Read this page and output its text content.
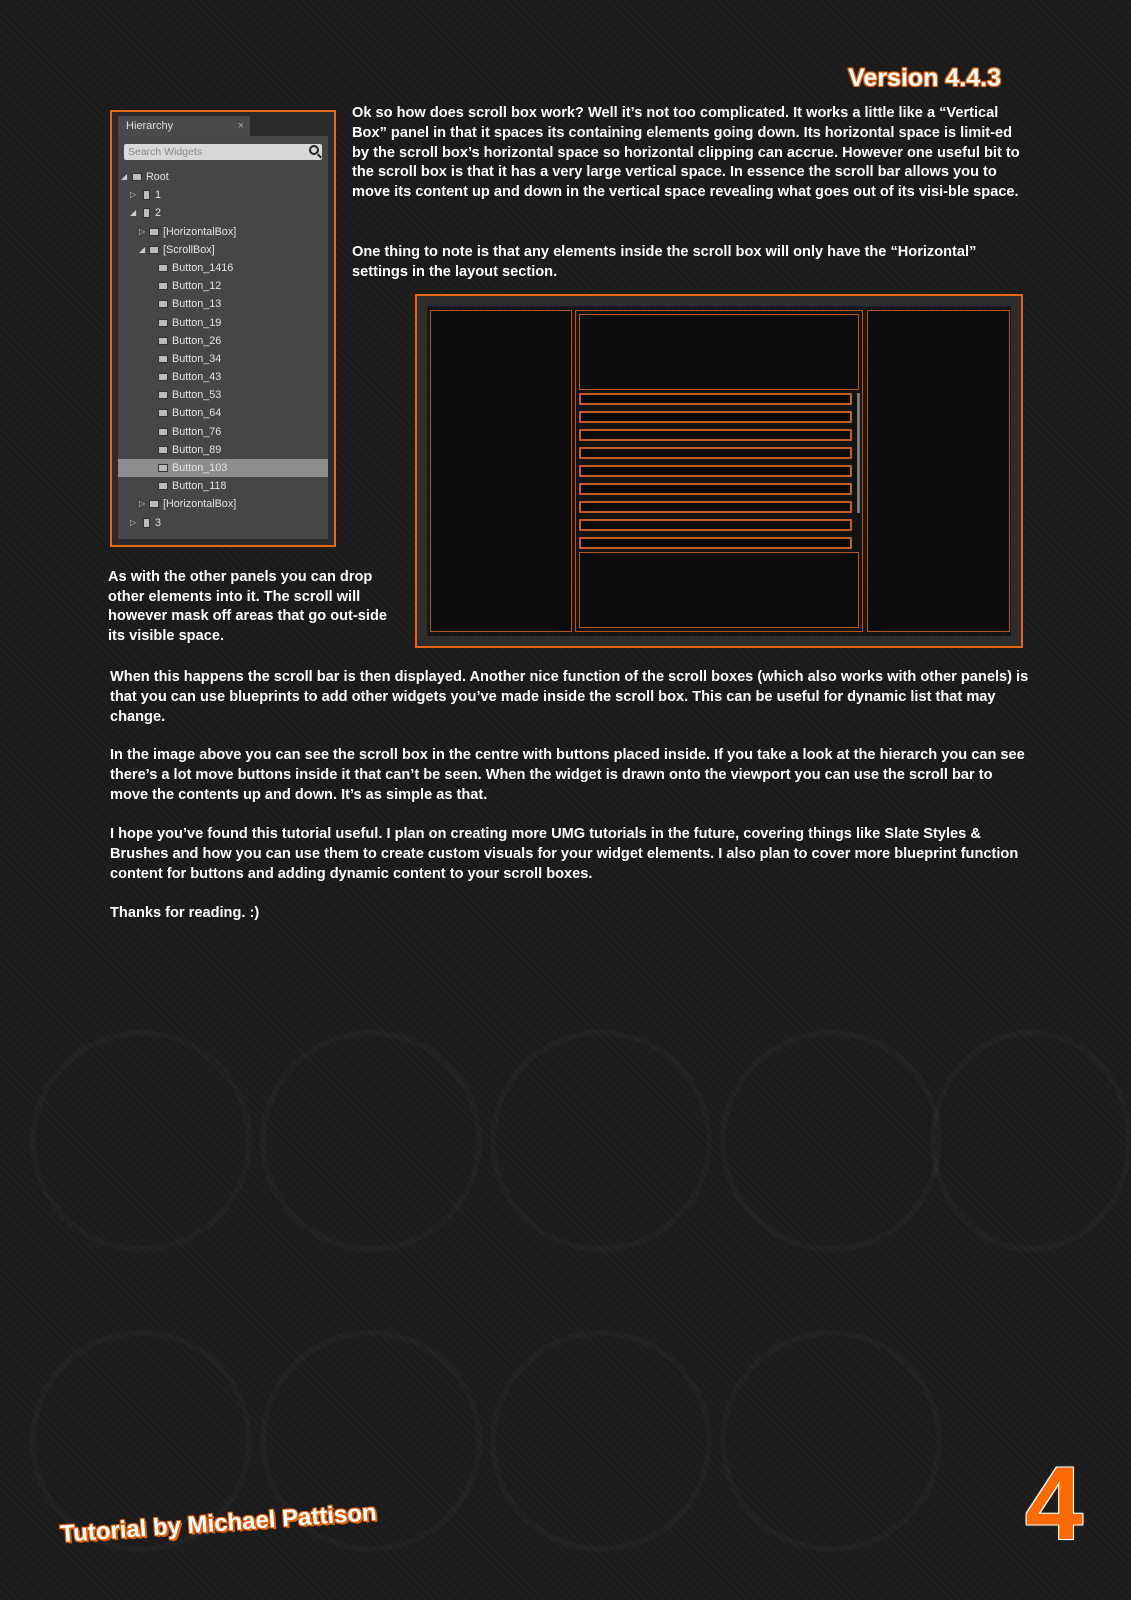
Version 4.4.3
Hierarchy	×
Search Widgets
◢ Root
▷ 1
◢ 2
▷ [HorizontalBox]
◢ [ScrollBox]
Button_1416
Button_12
Button_13
Button_19
Button_26
Button_34
Button_43
Button_53
Button_64
Button_76
Button_89
Button_103
Button_118
▷ [HorizontalBox]
▷ 3

Ok so how does scroll box work? Well it’s not too complicated. It works a little like a “Vertical Box” panel in that it spaces its containing elements going down. Its horizontal space is limit-ed by the scroll box’s horizontal space so horizontal clipping can accrue. However one useful bit to the scroll box is that it has a very large vertical space. In essence the scroll bar allows you to move its content up and down in the vertical space revealing what goes out of its visi-ble space.

One thing to note is that any elements inside the scroll box will only have the “Horizontal” settings in the layout section.

As with the other panels you can drop other elements into it. The scroll will however mask off areas that go out-side its visible space.

When this happens the scroll bar is then displayed. Another nice function of the scroll boxes (which also works with other panels) is that you can use blueprints to add other widgets you’ve made inside the scroll box. This can be useful for dynamic list that may change.

In the image above you can see the scroll box in the centre with buttons placed inside. If you take a look at the hierarch you can see there’s a lot move buttons inside it that can’t be seen. When the widget is drawn onto the viewport you can use the scroll bar to move the contents up and down. It’s as simple as that.

I hope you’ve found this tutorial useful. I plan on creating more UMG tutorials in the future, covering things like Slate Styles & Brushes and how you can use them to create custom visuals for your widget elements. I also plan to cover more blueprint function content for buttons and adding dynamic content to your scroll boxes.

Thanks for reading. :)

Tutorial by Michael Pattison	4
